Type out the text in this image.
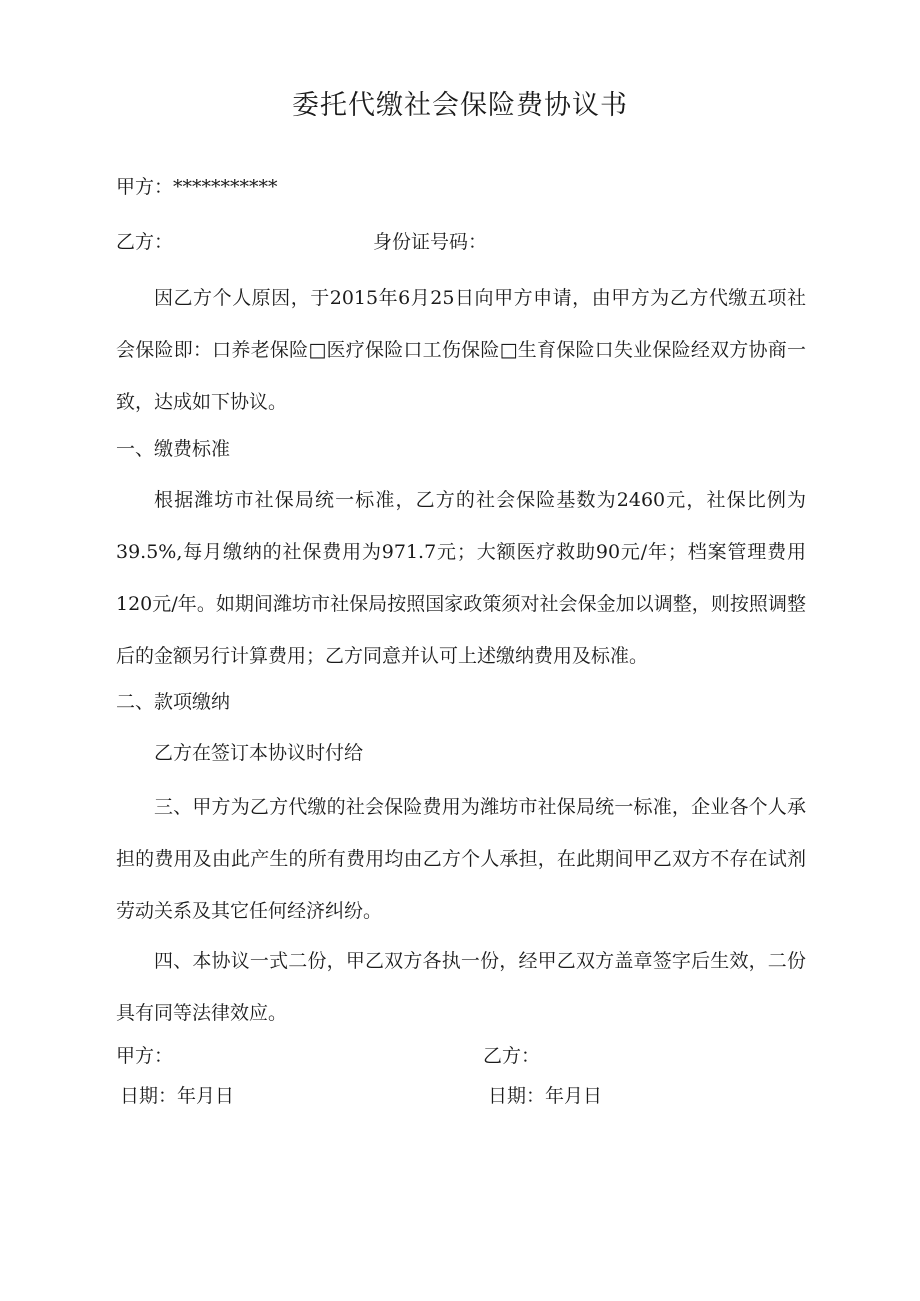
委托代缴社会保险费协议书

甲方：***********

乙方：	身份证号码：

因乙方个人原因，于2015年6月25日向甲方申请，由甲方为乙方代缴五项社会保险即：口养老保险□医疗保险口工伤保险□生育保险口失业保险经双方协商一致，达成如下协议。

一、缴费标准

根据潍坊市社保局统一标准，乙方的社会保险基数为2460元，社保比例为39.5%,每月缴纳的社保费用为971.7元；大额医疗救助90元/年；档案管理费用120元/年。如期间潍坊市社保局按照国家政策须对社会保金加以调整，则按照调整后的金额另行计算费用；乙方同意并认可上述缴纳费用及标准。

二、款项缴纳

乙方在签订本协议时付给

三、甲方为乙方代缴的社会保险费用为潍坊市社保局统一标准，企业各个人承担的费用及由此产生的所有费用均由乙方个人承担，在此期间甲乙双方不存在试剂劳动关系及其它任何经济纠纷。

四、本协议一式二份，甲乙双方各执一份，经甲乙双方盖章签字后生效，二份具有同等法律效应。

甲方：	乙方：

日期：年月日	日期：年月日
